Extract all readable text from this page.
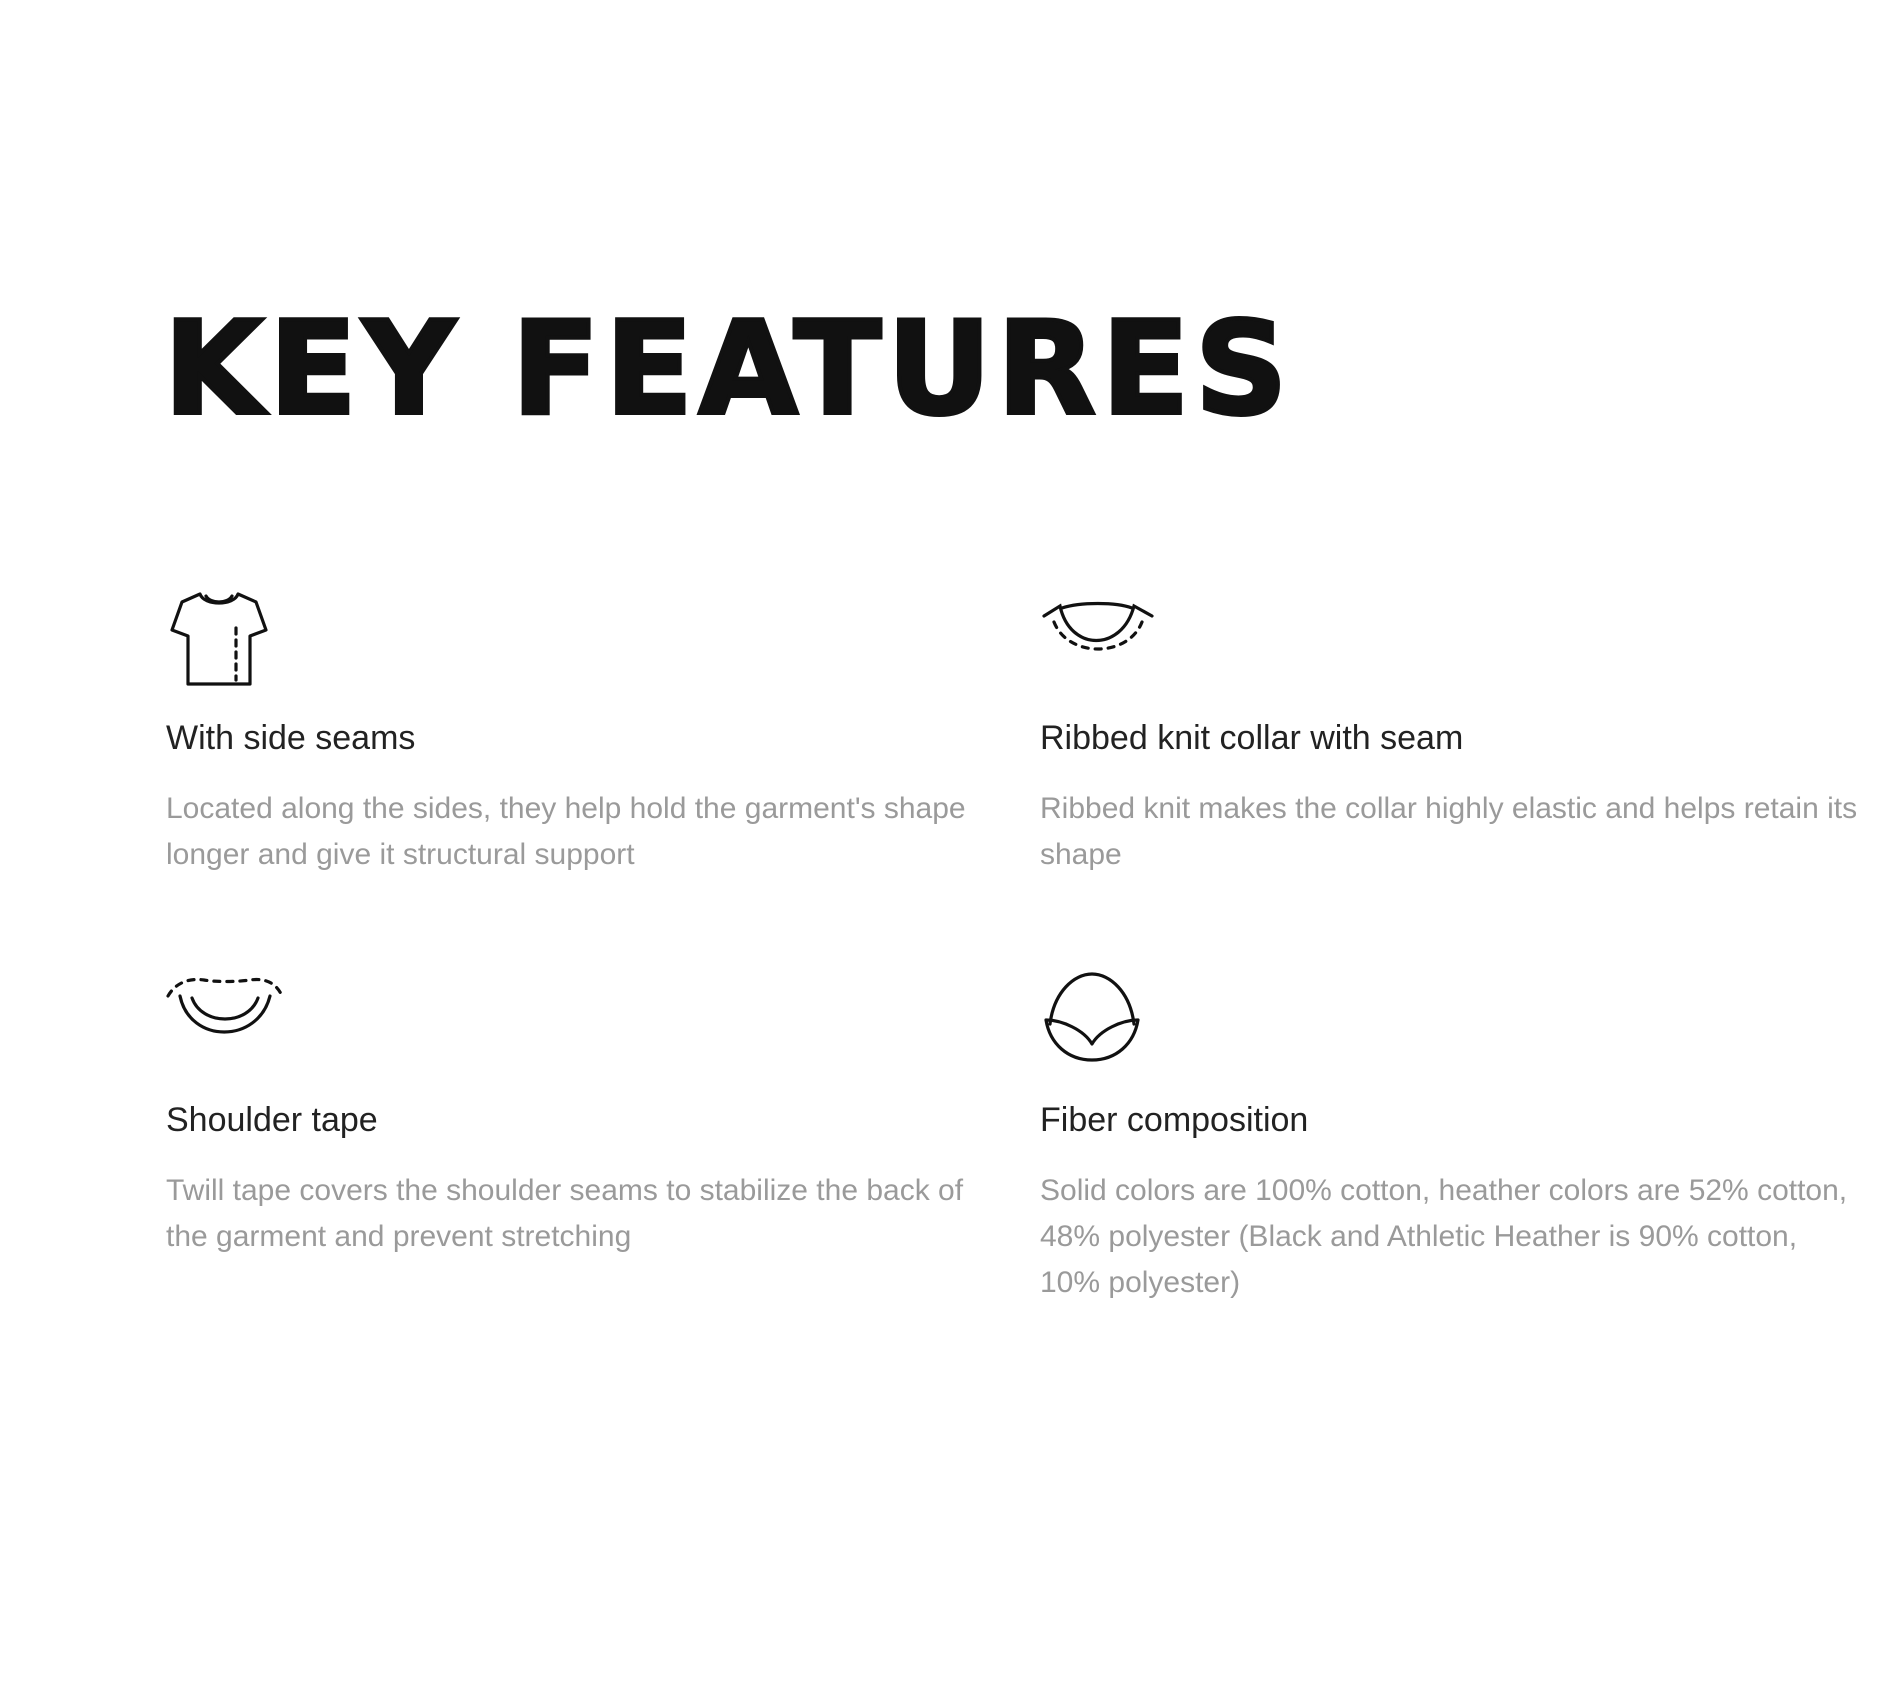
KEY FEATURES
With side seams

Located along the sides, they help hold the garment's shape longer and give it structural support

Ribbed knit collar with seam

Ribbed knit makes the collar highly elastic and helps retain its shape

Shoulder tape

Twill tape covers the shoulder seams to stabilize the back of the garment and prevent stretching

Fiber composition

Solid colors are 100% cotton, heather colors are 52% cotton, 48% polyester (Black and Athletic Heather is 90% cotton, 10% polyester)
